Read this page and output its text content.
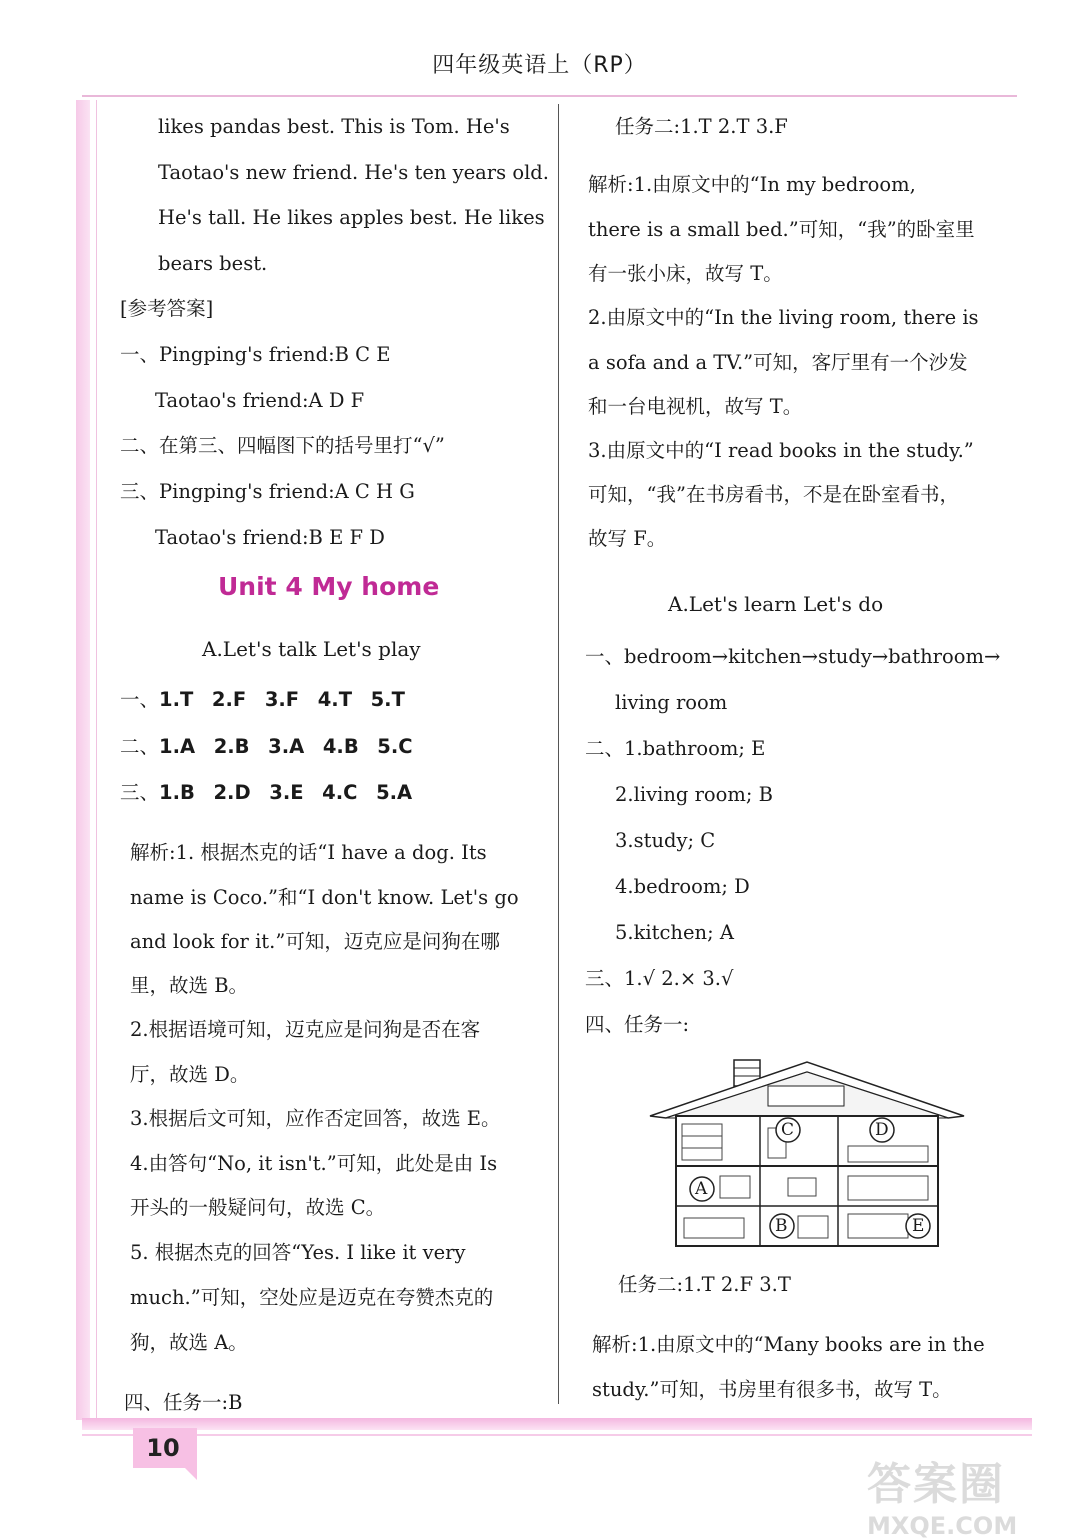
四年级英语上（RP）
likes pandas best. This is Tom. He's
Taotao's new friend. He's ten years old.
He's tall. He likes apples best. He likes
bears best.
[参考答案]
一、Pingping's friend:B C E
Taotao's friend:A D F
二、在第三、四幅图下的括号里打“√”
三、Pingping's friend:A C H G
Taotao's friend:B E F D
Unit 4 My home
A.Let's talk Let's play
一、1.T 2.F 3.F 4.T 5.T
二、1.A 2.B 3.A 4.B 5.C
三、1.B 2.D 3.E 4.C 5.A
解析:1. 根据杰克的话“I have a dog. Its
name is Coco.”和“I don't know. Let's go
and look for it.”可知，迈克应是问狗在哪
里，故选 B。
2.根据语境可知，迈克应是问狗是否在客
厅，故选 D。
3.根据后文可知，应作否定回答，故选 E。
4.由答句“No, it isn't.”可知，此处是由 Is
开头的一般疑问句，故选 C。
5. 根据杰克的回答“Yes. I like it very
much.”可知，空处应是迈克在夸赞杰克的
狗，故选 A。
四、任务一:B
任务二:1.T 2.T 3.F
解析:1.由原文中的“In my bedroom,
there is a small bed.”可知，“我”的卧室里
有一张小床，故写 T。
2.由原文中的“In the living room, there is
a sofa and a TV.”可知，客厅里有一个沙发
和一台电视机，故写 T。
3.由原文中的“I read books in the study.”
可知，“我”在书房看书，不是在卧室看书，
故写 F。
A.Let's learn Let's do
一、bedroom→kitchen→study→bathroom→
living room
二、1.bathroom; E
2.living room; B
3.study; C
4.bedroom; D
5.kitchen; A
三、1.√ 2.× 3.√
四、任务一:
A
B
C	D
E
任务二:1.T 2.F 3.T
解析:1.由原文中的“Many books are in the
study.”可知，书房里有很多书，故写 T。
10
答案圈
MXQE.COM
